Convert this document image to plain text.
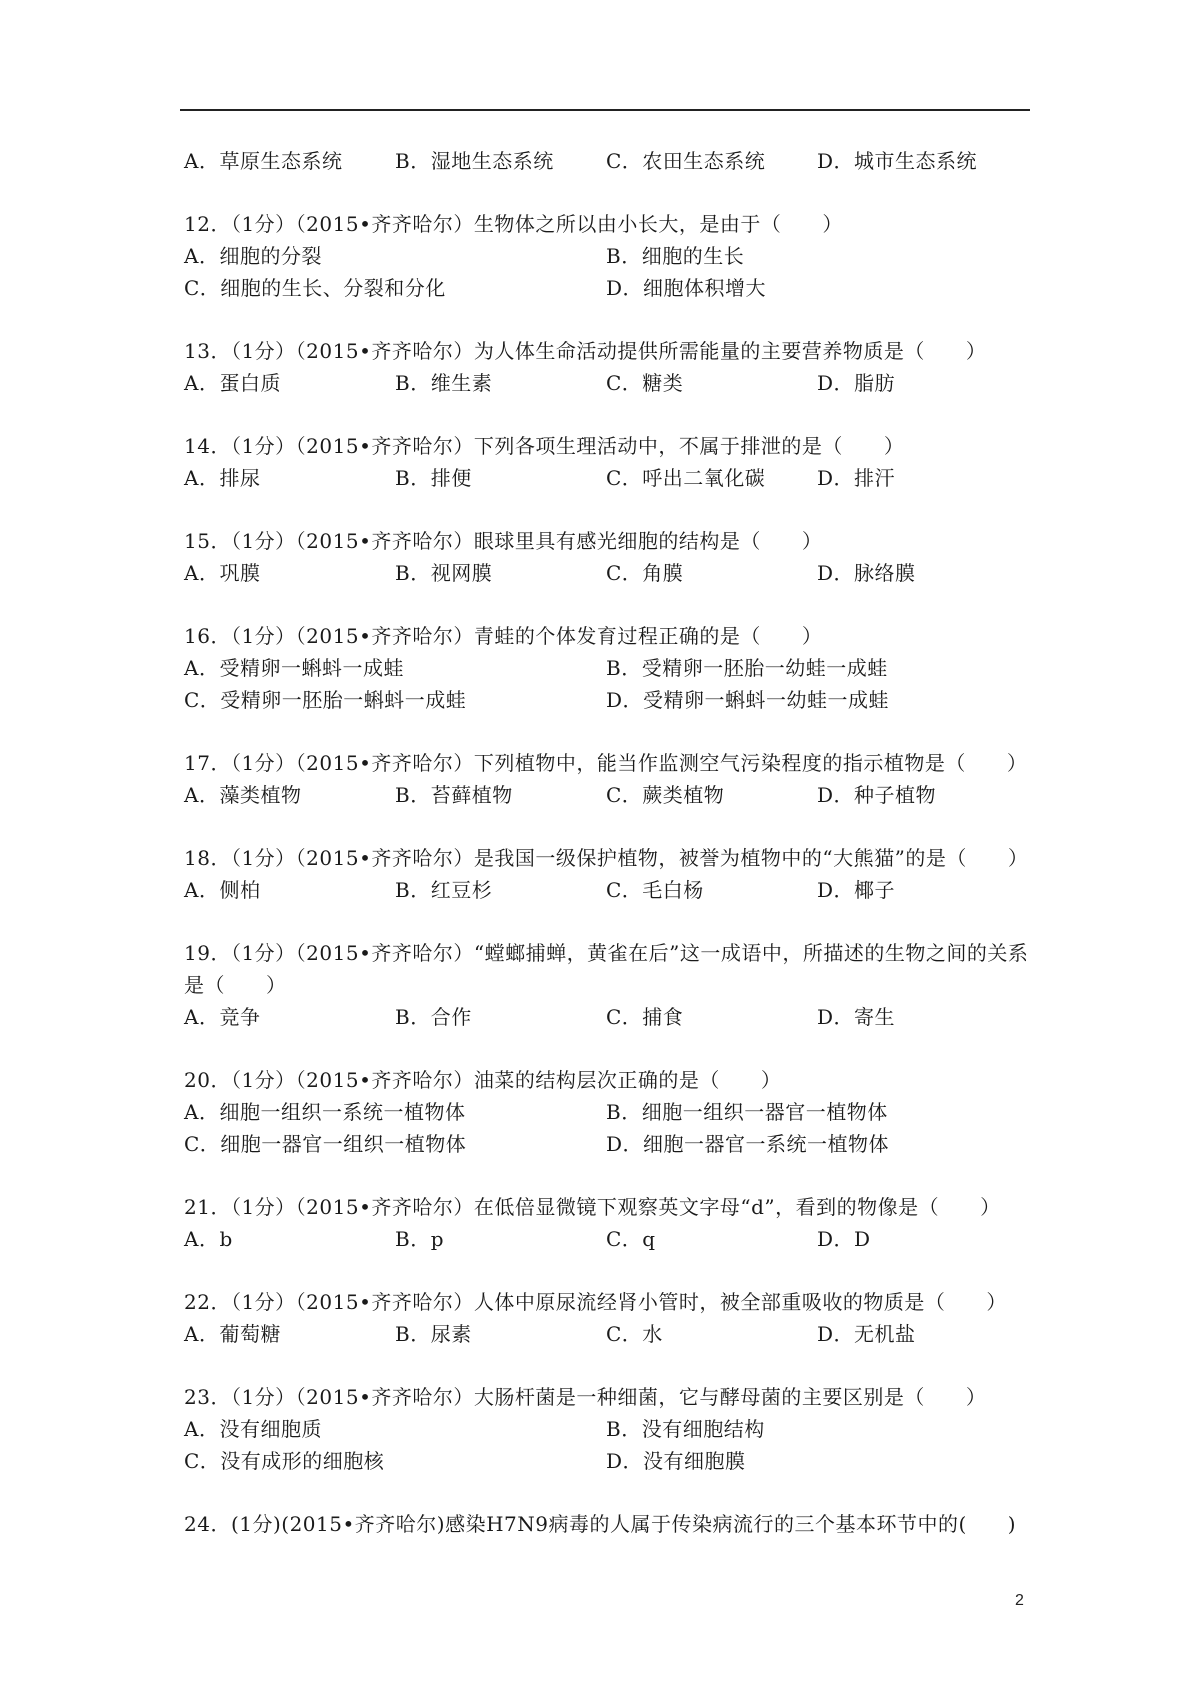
A．草原生态系统	B．湿地生态系统	C．农田生态系统	D．城市生态系统
12．（1分）（2015•齐齐哈尔）生物体之所以由小长大，是由于（　　）
A．细胞的分裂	B．细胞的生长
C．细胞的生长、分裂和分化	D．细胞体积增大
13．（1分）（2015•齐齐哈尔）为人体生命活动提供所需能量的主要营养物质是（　　）
A．蛋白质	B．维生素	C．糖类	D．脂肪
14．（1分）（2015•齐齐哈尔）下列各项生理活动中，不属于排泄的是（　　）
A．排尿	B．排便	C．呼出二氧化碳	D．排汗
15．（1分）（2015•齐齐哈尔）眼球里具有感光细胞的结构是（　　）
A．巩膜	B．视网膜	C．角膜	D．脉络膜
16．（1分）（2015•齐齐哈尔）青蛙的个体发育过程正确的是（　　）
A．受精卵一蝌蚪一成蛙	B．受精卵一胚胎一幼蛙一成蛙
C．受精卵一胚胎一蝌蚪一成蛙	D．受精卵一蝌蚪一幼蛙一成蛙
17．（1分）（2015•齐齐哈尔）下列植物中，能当作监测空气污染程度的指示植物是（　　）
A．藻类植物	B．苔藓植物	C．蕨类植物	D．种子植物
18．（1分）（2015•齐齐哈尔）是我国一级保护植物，被誉为植物中的“大熊猫”的是（　　）
A．侧柏	B．红豆杉	C．毛白杨	D．椰子
19．（1分）（2015•齐齐哈尔）“螳螂捕蝉，黄雀在后”这一成语中，所描述的生物之间的关系是（　　）
A．竞争	B．合作	C．捕食	D．寄生
20．（1分）（2015•齐齐哈尔）油菜的结构层次正确的是（　　）
A．细胞一组织一系统一植物体	B．细胞一组织一器官一植物体
C．细胞一器官一组织一植物体	D．细胞一器官一系统一植物体
21．（1分）（2015•齐齐哈尔）在低倍显微镜下观察英文字母“d”，看到的物像是（　　）
A．b	B．p	C．q	D．D
22．（1分）（2015•齐齐哈尔）人体中原尿流经肾小管时，被全部重吸收的物质是（　　）
A．葡萄糖	B．尿素	C．水	D．无机盐
23．（1分）（2015•齐齐哈尔）大肠杆菌是一种细菌，它与酵母菌的主要区别是（　　）
A．没有细胞质	B．没有细胞结构
C．没有成形的细胞核	D．没有细胞膜
24．(1分)(2015•齐齐哈尔)感染H7N9病毒的人属于传染病流行的三个基本环节中的(　　)
2
